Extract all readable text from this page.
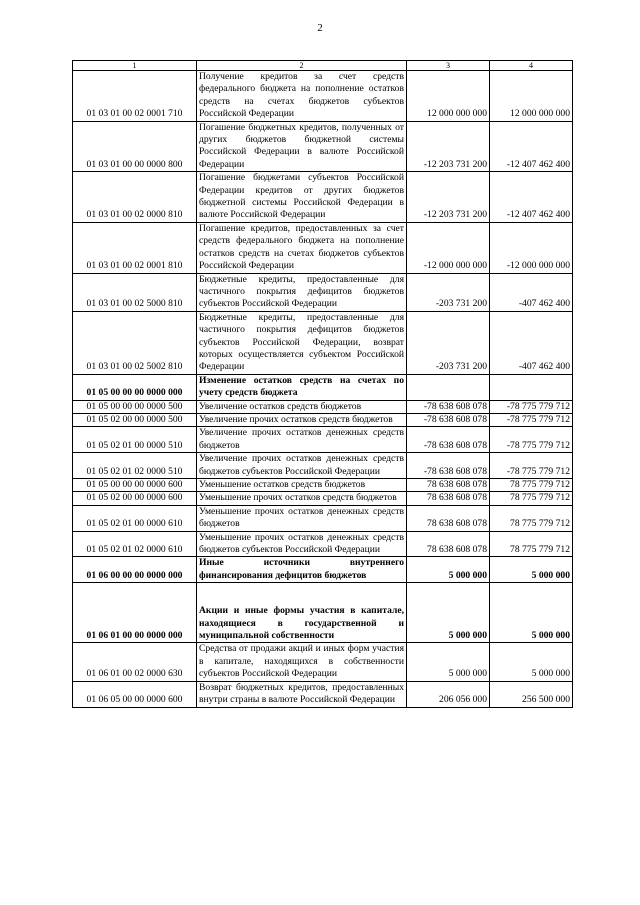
2
1	2	3	4
01 03 01 00 02 0001 710	Получение кредитов за счет средств федерального бюджета на пополнение остатков средств на счетах бюджетов субъектов Российской Федерации	12 000 000 000	12 000 000 000
01 03 01 00 00 0000 800	Погашение бюджетных кредитов, полученных от других бюджетов бюджетной системы Российской Федерации в валюте Российской Федерации	-12 203 731 200	-12 407 462 400
01 03 01 00 02 0000 810	Погашение бюджетами субъектов Российской Федерации кредитов от других бюджетов бюджетной системы Российской Федерации в валюте Российской Федерации	-12 203 731 200	-12 407 462 400
01 03 01 00 02 0001 810	Погашение кредитов, предоставленных за счет средств федерального бюджета на пополнение остатков средств на счетах бюджетов субъектов Российской Федерации	-12 000 000 000	-12 000 000 000
01 03 01 00 02 5000 810	Бюджетные кредиты, предоставленные для частичного покрытия дефицитов бюджетов субъектов Российской Федерации	-203 731 200	-407 462 400
01 03 01 00 02 5002 810	Бюджетные кредиты, предоставленные для частичного покрытия дефицитов бюджетов субъектов Российской Федерации, возврат которых осуществляется субъектом Российской Федерации	-203 731 200	-407 462 400
01 05 00 00 00 0000 000	Изменение остатков средств на счетах по учету средств бюджета		
01 05 00 00 00 0000 500	Увеличение остатков средств бюджетов	-78 638 608 078	-78 775 779 712
01 05 02 00 00 0000 500	Увеличение прочих остатков средств бюджетов	-78 638 608 078	-78 775 779 712
01 05 02 01 00 0000 510	Увеличение прочих остатков денежных средств бюджетов	-78 638 608 078	-78 775 779 712
01 05 02 01 02 0000 510	Увеличение прочих остатков денежных средств бюджетов субъектов Российской Федерации	-78 638 608 078	-78 775 779 712
01 05 00 00 00 0000 600	Уменьшение остатков средств бюджетов	78 638 608 078	78 775 779 712
01 05 02 00 00 0000 600	Уменьшение прочих остатков средств бюджетов	78 638 608 078	78 775 779 712
01 05 02 01 00 0000 610	Уменьшение прочих остатков денежных средств бюджетов	78 638 608 078	78 775 779 712
01 05 02 01 02 0000 610	Уменьшение прочих остатков денежных средств бюджетов субъектов Российской Федерации	78 638 608 078	78 775 779 712
01 06 00 00 00 0000 000	Иные источники внутреннего финансирования дефицитов бюджетов	5 000 000	5 000 000
01 06 01 00 00 0000 000	Акции и иные формы участия в капитале, находящиеся в государственной и муниципальной собственности	5 000 000	5 000 000
01 06 01 00 02 0000 630	Средства от продажи акций и иных форм участия в капитале, находящихся в собственности субъектов Российской Федерации	5 000 000	5 000 000
01 06 05 00 00 0000 600	Возврат бюджетных кредитов, предоставленных внутри страны в валюте Российской Федерации	206 056 000	256 500 000
